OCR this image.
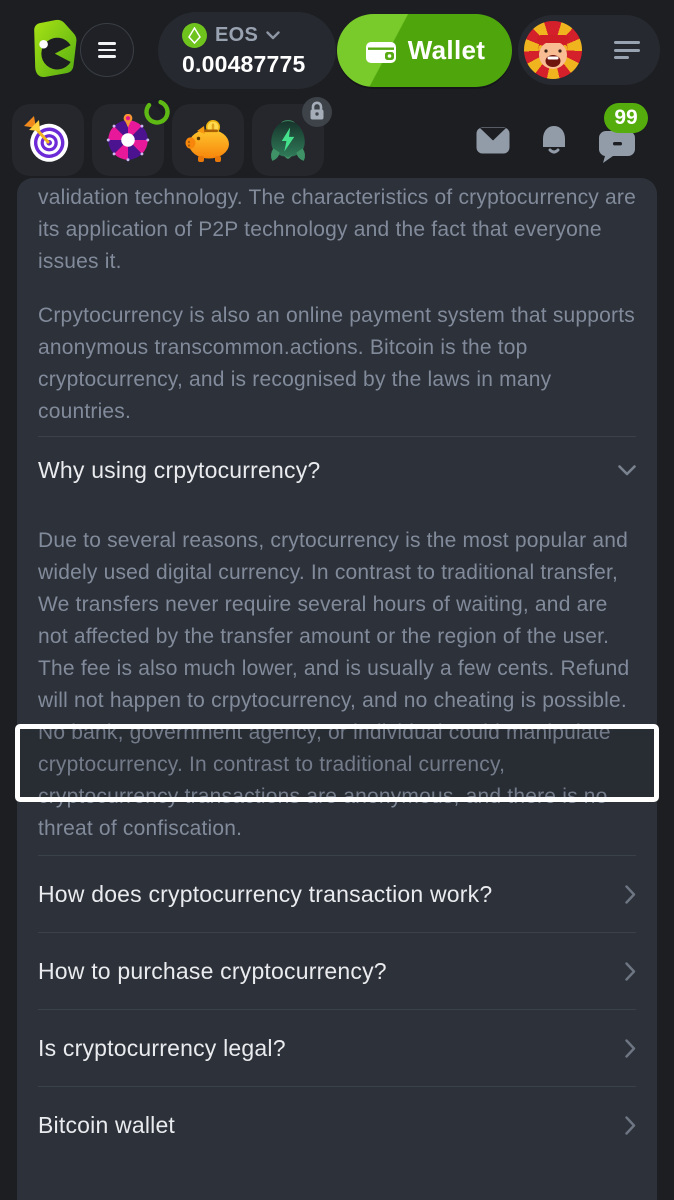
EOS
0.00487775	Wallet
99

validation technology. The characteristics of cryptocurrency are its application of P2P technology and the fact that everyone issues it.

Crpytocurrency is also an online payment system that supports anonymous transcommon.actions. Bitcoin is the top cryptocurrency, and is recognised by the laws in many countries.

Why using crpytocurrency?

Due to several reasons, crytocurrency is the most popular and widely used digital currency. In contrast to traditional transfer, We transfers never require several hours of waiting, and are not affected by the transfer amount or the region of the user. The fee is also much lower, and is usually a few cents. Refund will not happen to crpytocurrency, and no cheating is possible. No bank, government agency, or individual could manipulate cryptocurrency. In contrast to traditional currency, cryptocurrency transactions are anonymous, and there is no threat of confiscation.

How does cryptocurrency transaction work?
How to purchase cryptocurrency?
Is cryptocurrency legal?
Bitcoin wallet
